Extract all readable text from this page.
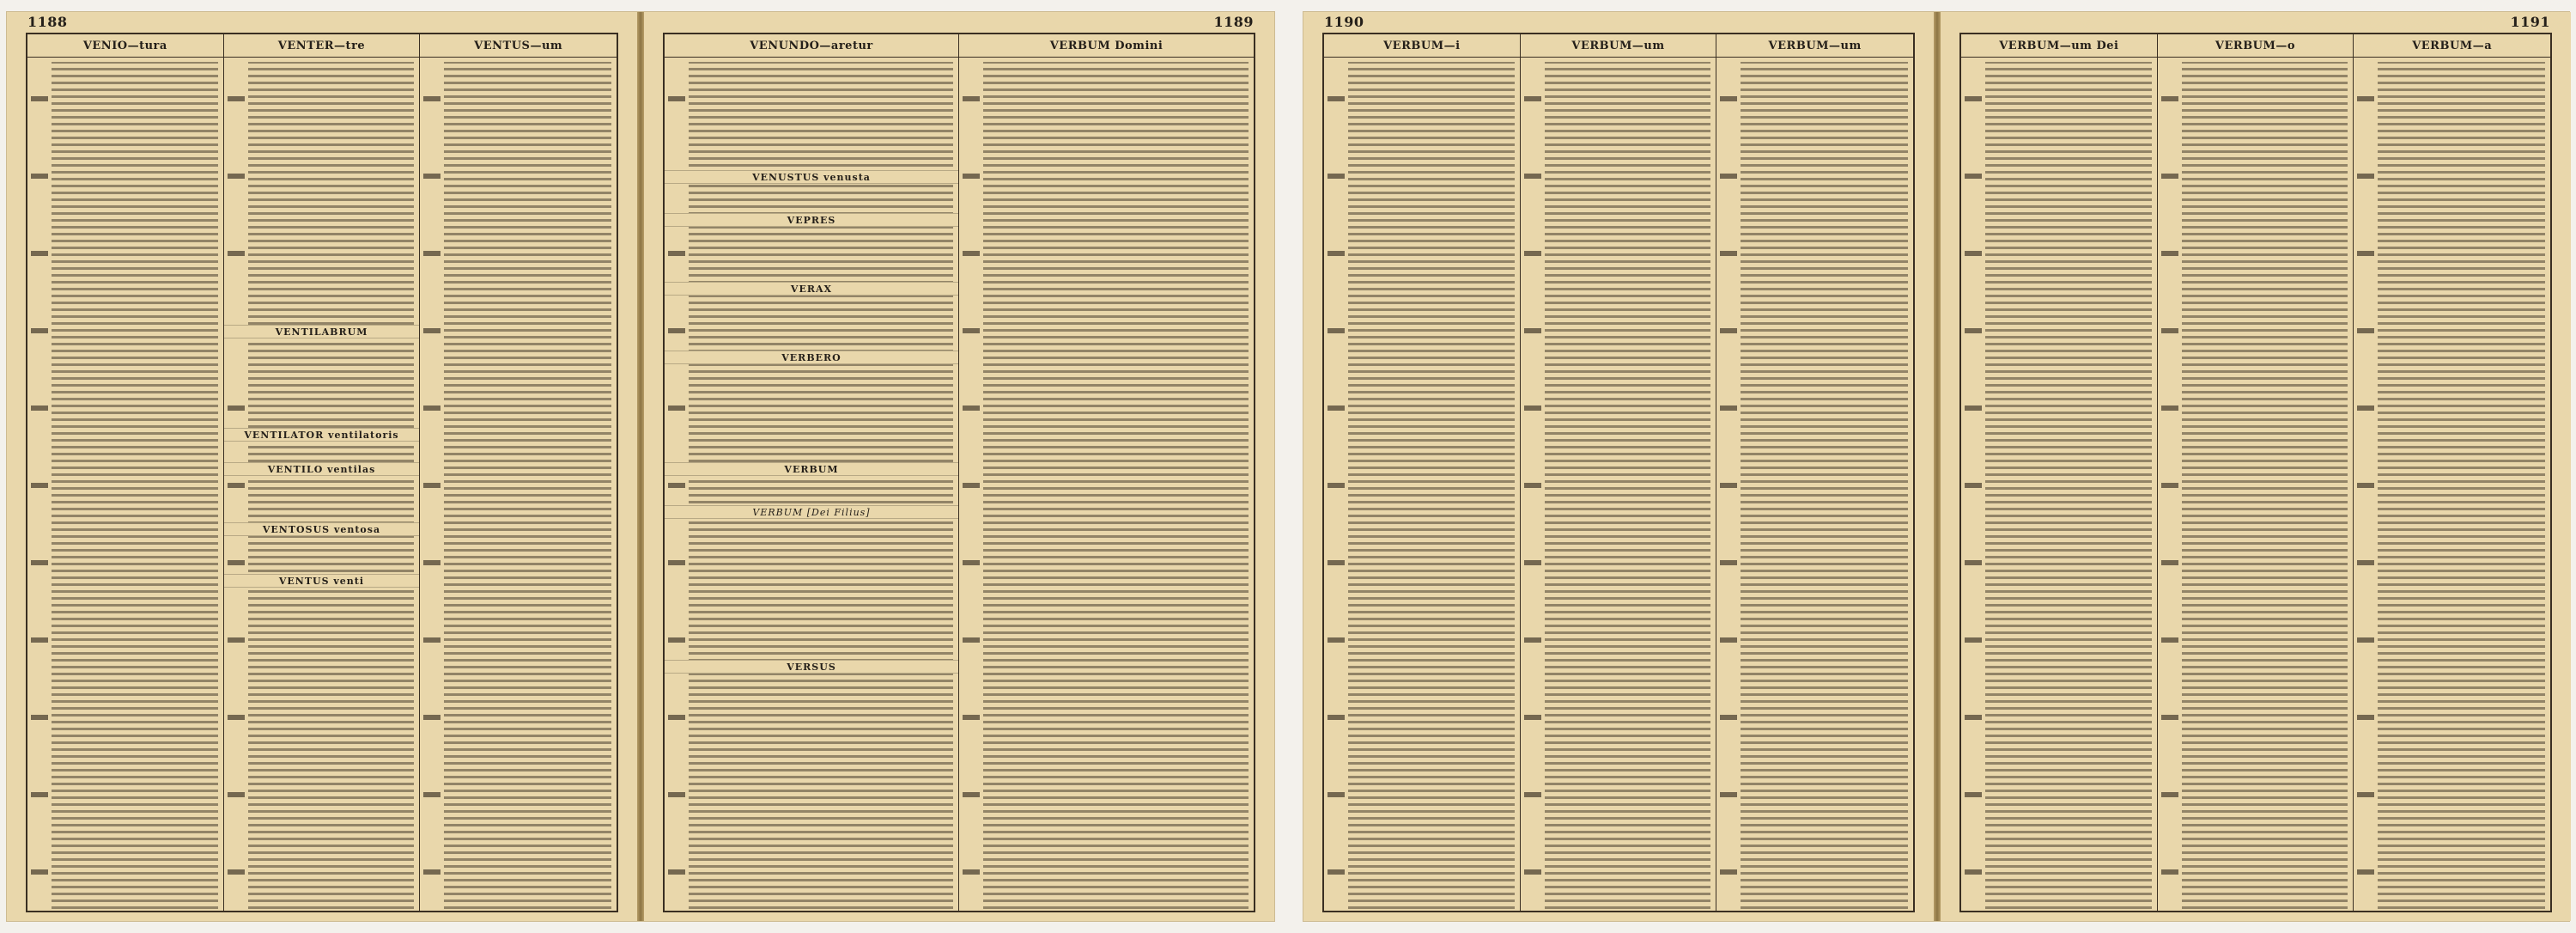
1188
VENIO—tura	VENTER—tre
VENTILABRUM
VENTILATOR ventilatoris
VENTILO ventilas
VENTOSUS ventosa
VENTUS venti
VENTUS—um
1189
VENUNDO—aretur
VENUSTUS venusta
VEPRES
VERAX
VERBERO
VERBUM
VERBUM [Dei Filius]
VERSUS
VERBUM Domini
1190
VERBUM—i	VERBUM—um	VERBUM—um
1191
VERBUM—um Dei	VERBUM—o	VERBUM—a
